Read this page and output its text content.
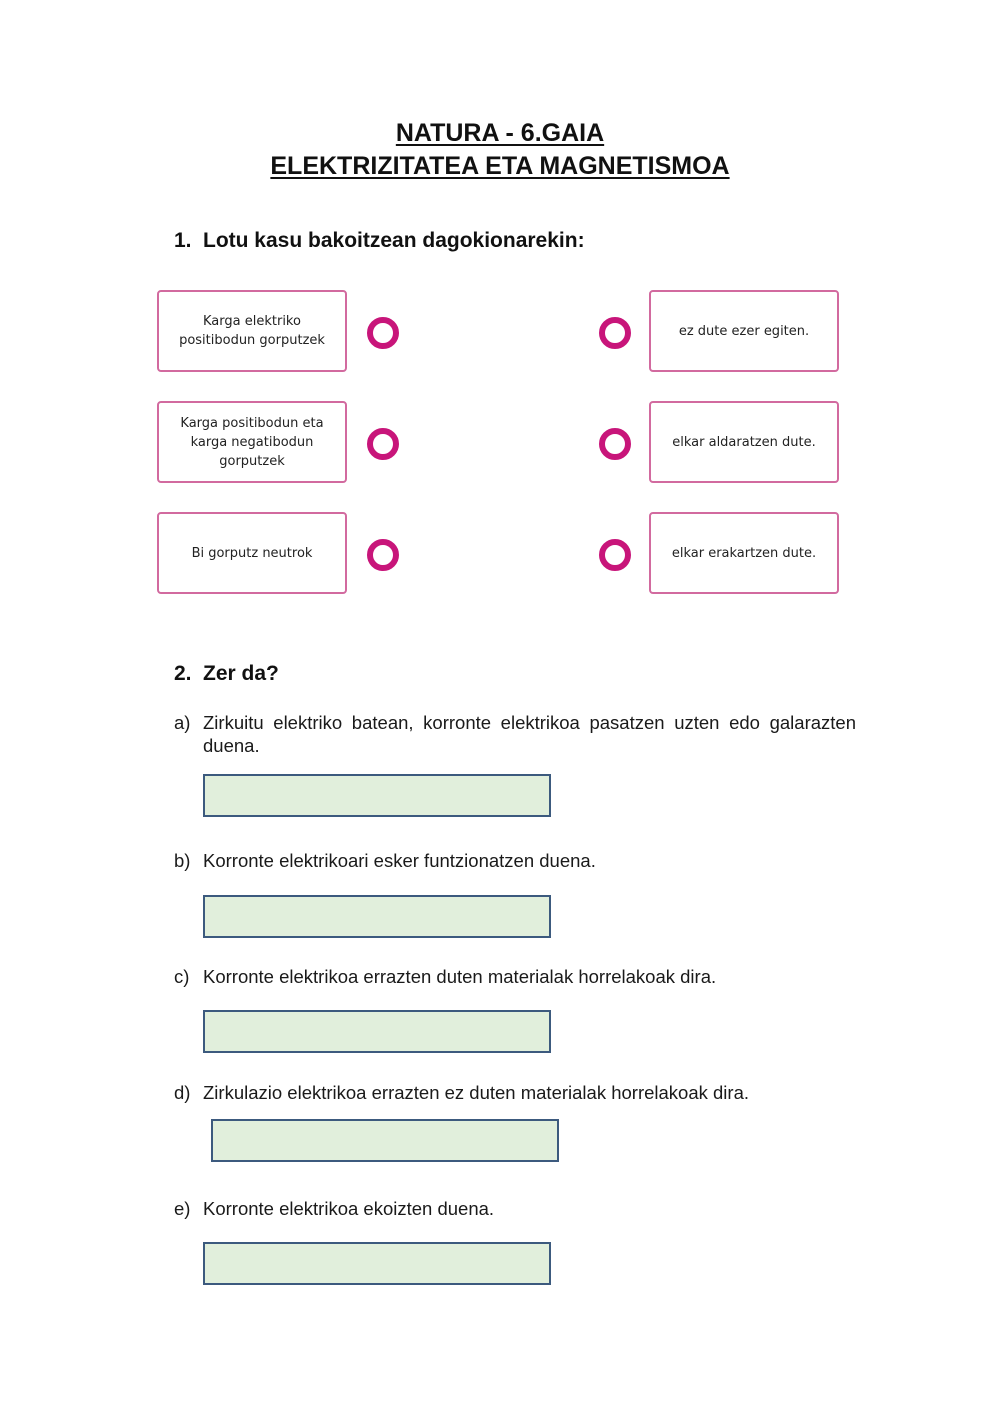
NATURA - 6.GAIA
ELEKTRIZITATEA ETA MAGNETISMOA
1. Lotu kasu bakoitzean dagokionarekin:
Karga elektriko positibodun gorputzek
ez dute ezer egiten.
Karga positibodun eta karga negatibodun gorputzek
elkar aldaratzen dute.
Bi gorputz neutrok	elkar erakartzen dute.
2. Zer da?
a) Zirkuitu elektriko batean, korronte elektrikoa pasatzen uzten edo galarazten duena.
b) Korronte elektrikoari esker funtzionatzen duena.
c) Korronte elektrikoa errazten duten materialak horrelakoak dira.
d) Zirkulazio elektrikoa errazten ez duten materialak horrelakoak dira.
e) Korronte elektrikoa ekoizten duena.
